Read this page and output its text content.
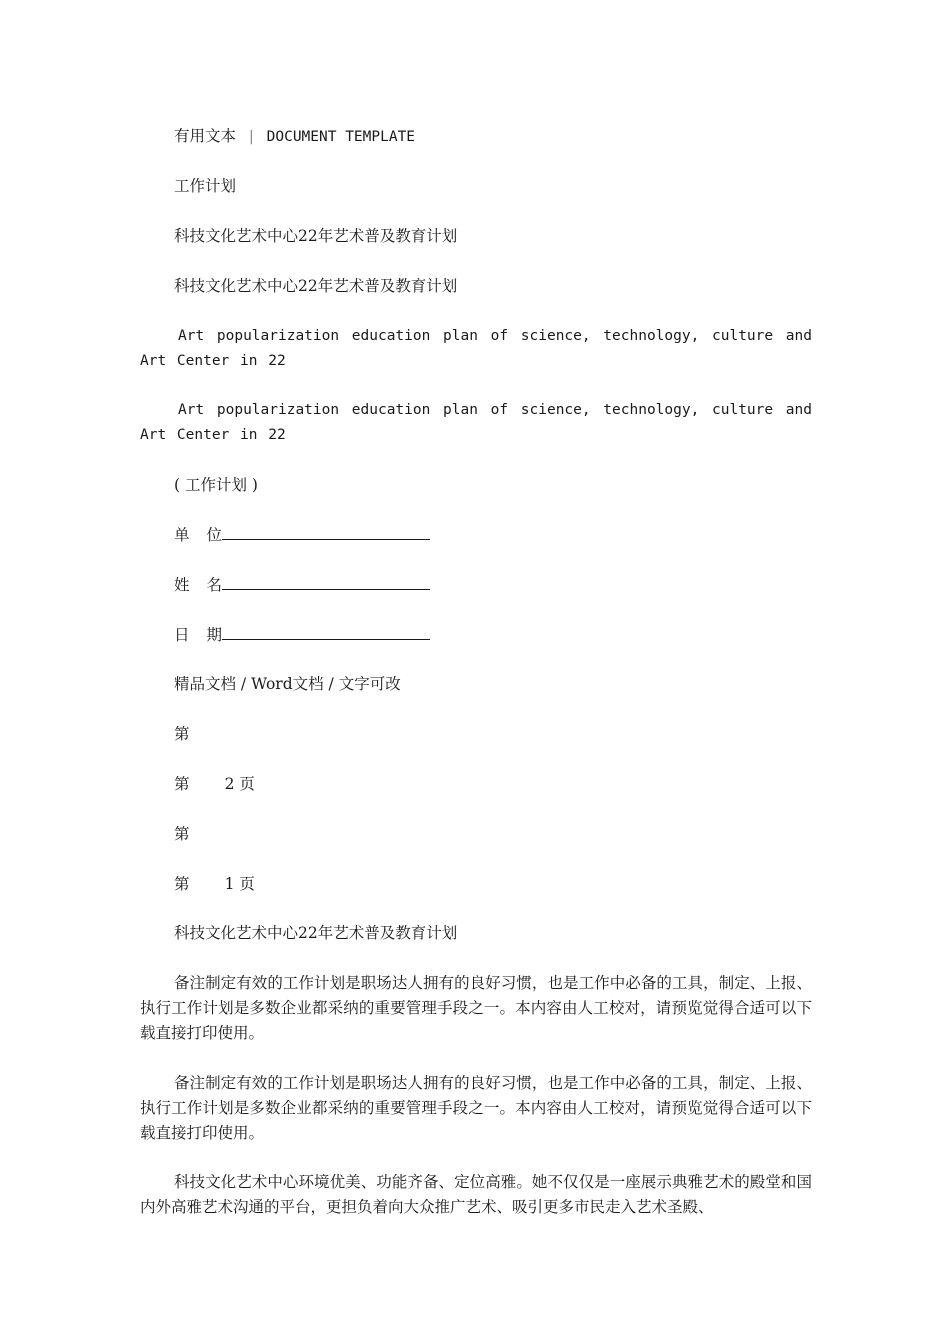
有用文本 | DOCUMENT TEMPLATE
工作计划
科技文化艺术中心22年艺术普及教育计划
科技文化艺术中心22年艺术普及教育计划
Art popularization education plan of science, technology, culture and Art Center in 22
Art popularization education plan of science, technology, culture and Art Center in 22
( 工作计划 )
单位
姓名
日期
精品文档 / Word文档 / 文字可改
第
第 2 页
第
第 1 页
科技文化艺术中心22年艺术普及教育计划
备注制定有效的工作计划是职场达人拥有的良好习惯，也是工作中必备的工具，制定、上报、执行工作计划是多数企业都采纳的重要管理手段之一。本内容由人工校对，请预览觉得合适可以下载直接打印使用。
备注制定有效的工作计划是职场达人拥有的良好习惯，也是工作中必备的工具，制定、上报、执行工作计划是多数企业都采纳的重要管理手段之一。本内容由人工校对，请预览觉得合适可以下载直接打印使用。
科技文化艺术中心环境优美、功能齐备、定位高雅。她不仅仅是一座展示典雅艺术的殿堂和国内外高雅艺术沟通的平台，更担负着向大众推广艺术、吸引更多市民走入艺术圣殿、
